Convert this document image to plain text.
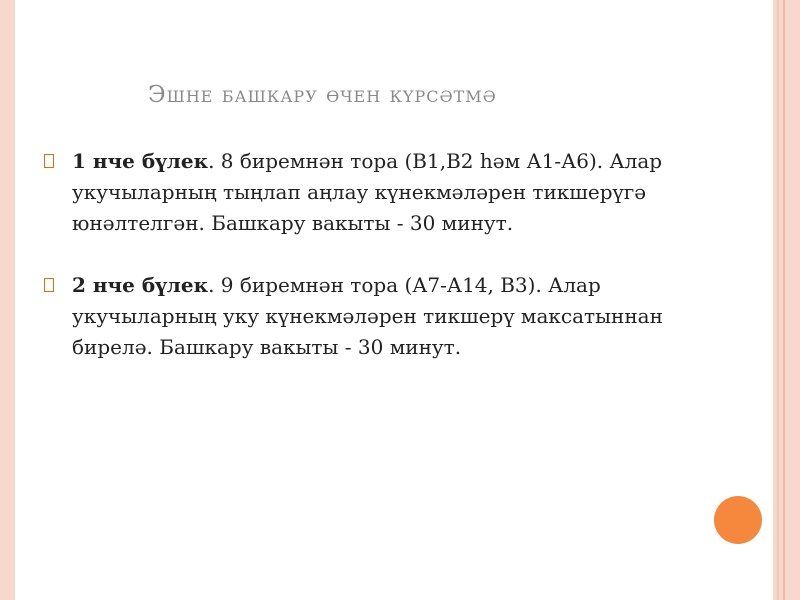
Эшне башкару өчен күрсәтмә
1 нче бүлек. 8 биремнән тора (В1,В2 һәм А1-А6). Алар укучыларның тыңлап аңлау күнекмәләрен тикшерүгә юнәлтелгән. Башкару вакыты - 30 минут.
2 нче бүлек. 9 биремнән тора (А7-А14, В3). Алар укучыларның уку күнекмәләрен тикшерү максатыннан бирелә. Башкару вакыты - 30 минут.
